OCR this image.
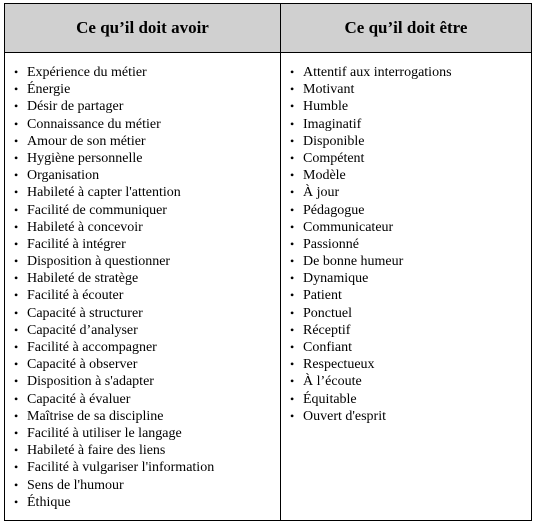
Ce qu’il doit avoir	Ce qu’il doit être
• Expérience du métier
• Énergie
• Désir de partager
• Connaissance du métier
• Amour de son métier
• Hygiène personnelle
• Organisation
• Habileté à capter l'attention
• Facilité de communiquer
• Habileté à concevoir
• Facilité à intégrer
• Disposition à questionner
• Habileté de stratège
• Facilité à écouter
• Capacité à structurer
• Capacité d’analyser
• Facilité à accompagner
• Capacité à observer
• Disposition à s'adapter
• Capacité à évaluer
• Maîtrise de sa discipline
• Facilité à utiliser le langage
• Habileté à faire des liens
• Facilité à vulgariser l'information
• Sens de l'humour
• Éthique
• Attentif aux interrogations
• Motivant
• Humble
• Imaginatif
• Disponible
• Compétent
• Modèle
• À jour
• Pédagogue
• Communicateur
• Passionné
• De bonne humeur
• Dynamique
• Patient
• Ponctuel
• Réceptif
• Confiant
• Respectueux
• À l’écoute
• Équitable
• Ouvert d'esprit
